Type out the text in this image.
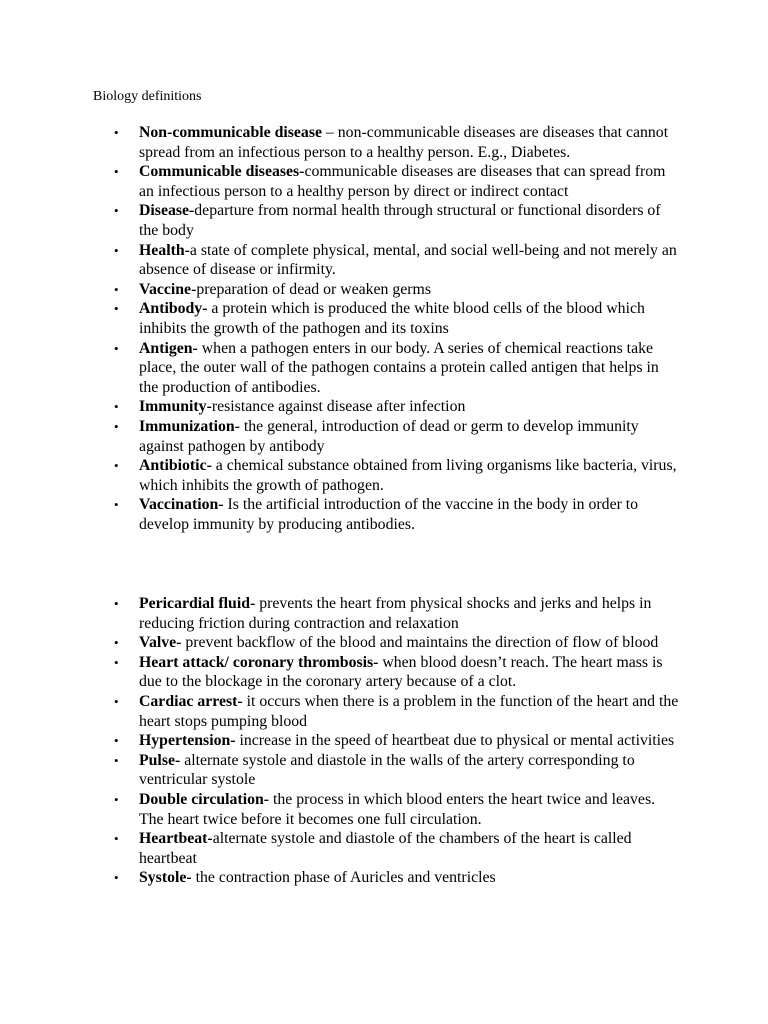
Biology definitions

• Non-communicable disease – non-communicable diseases are diseases that cannot spread from an infectious person to a healthy person. E.g., Diabetes.
• Communicable diseases-communicable diseases are diseases that can spread from an infectious person to a healthy person by direct or indirect contact
• Disease-departure from normal health through structural or functional disorders of the body
• Health-a state of complete physical, mental, and social well-being and not merely an absence of disease or infirmity.
• Vaccine-preparation of dead or weaken germs
• Antibody- a protein which is produced the white blood cells of the blood which inhibits the growth of the pathogen and its toxins
• Antigen- when a pathogen enters in our body. A series of chemical reactions take place, the outer wall of the pathogen contains a protein called antigen that helps in the production of antibodies.
• Immunity-resistance against disease after infection
• Immunization- the general, introduction of dead or germ to develop immunity against pathogen by antibody
• Antibiotic- a chemical substance obtained from living organisms like bacteria, virus, which inhibits the growth of pathogen.
• Vaccination- Is the artificial introduction of the vaccine in the body in order to develop immunity by producing antibodies.
• Pericardial fluid- prevents the heart from physical shocks and jerks and helps in reducing friction during contraction and relaxation
• Valve- prevent backflow of the blood and maintains the direction of flow of blood
• Heart attack/ coronary thrombosis- when blood doesn’t reach. The heart mass is due to the blockage in the coronary artery because of a clot.
• Cardiac arrest- it occurs when there is a problem in the function of the heart and the heart stops pumping blood
• Hypertension- increase in the speed of heartbeat due to physical or mental activities
• Pulse- alternate systole and diastole in the walls of the artery corresponding to ventricular systole
• Double circulation- the process in which blood enters the heart twice and leaves. The heart twice before it becomes one full circulation.
• Heartbeat-alternate systole and diastole of the chambers of the heart is called heartbeat
• Systole- the contraction phase of Auricles and ventricles
